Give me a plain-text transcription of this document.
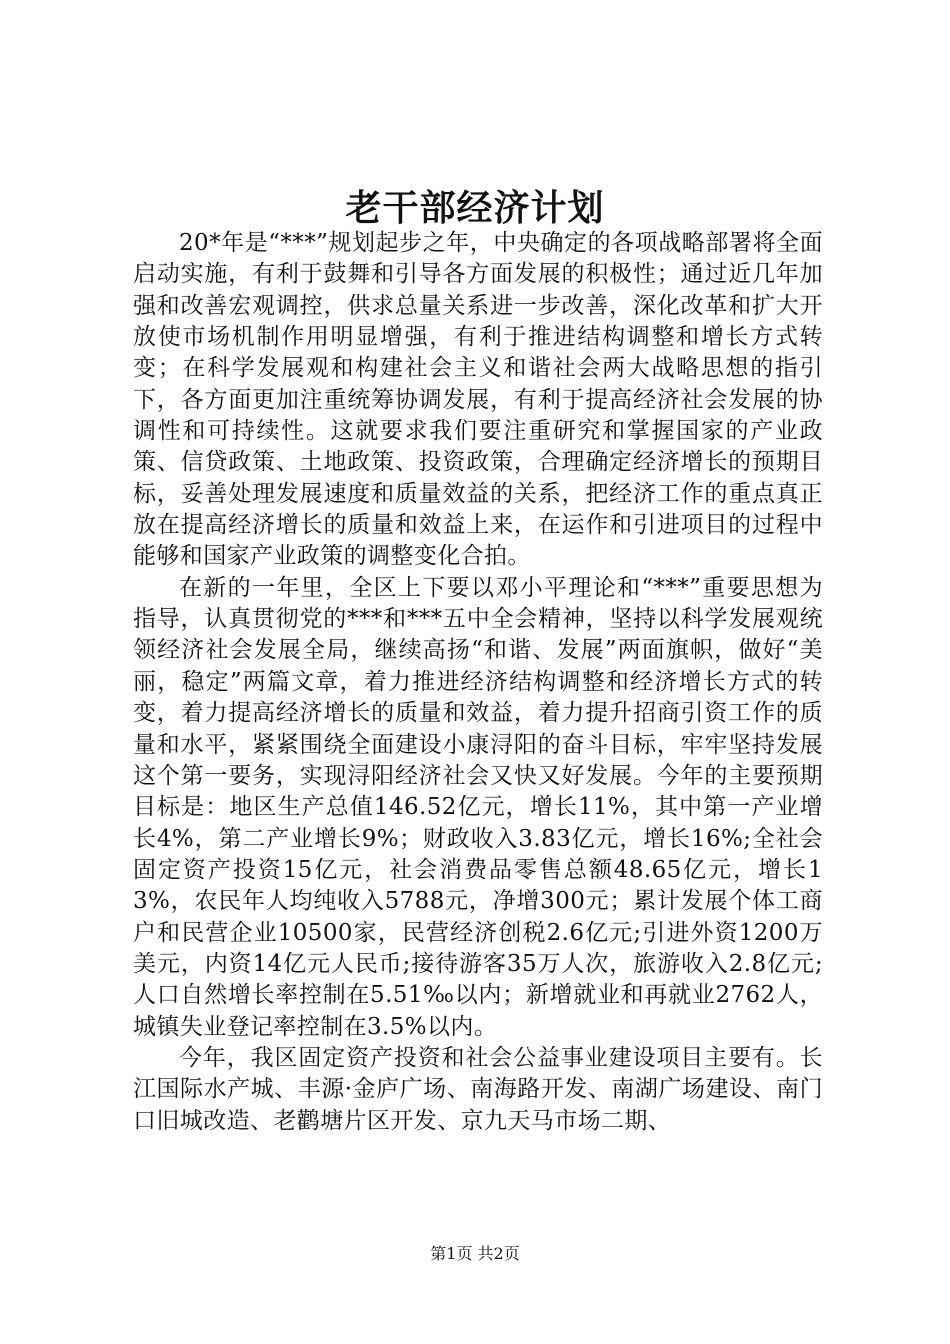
老干部经济计划

20*年是“***”规划起步之年，中央确定的各项战略部署将全面启动实施，有利于鼓舞和引导各方面发展的积极性；通过近几年加强和改善宏观调控，供求总量关系进一步改善，深化改革和扩大开放使市场机制作用明显增强，有利于推进结构调整和增长方式转变；在科学发展观和构建社会主义和谐社会两大战略思想的指引下，各方面更加注重统筹协调发展，有利于提高经济社会发展的协调性和可持续性。这就要求我们要注重研究和掌握国家的产业政策、信贷政策、土地政策、投资政策，合理确定经济增长的预期目标，妥善处理发展速度和质量效益的关系，把经济工作的重点真正放在提高经济增长的质量和效益上来，在运作和引进项目的过程中能够和国家产业政策的调整变化合拍。

在新的一年里，全区上下要以邓小平理论和“***”重要思想为指导，认真贯彻党的***和***五中全会精神，坚持以科学发展观统领经济社会发展全局，继续高扬“和谐、发展”两面旗帜，做好“美丽，稳定”两篇文章，着力推进经济结构调整和经济增长方式的转变，着力提高经济增长的质量和效益，着力提升招商引资工作的质量和水平，紧紧围绕全面建设小康浔阳的奋斗目标，牢牢坚持发展这个第一要务，实现浔阳经济社会又快又好发展。今年的主要预期目标是：地区生产总值146.52亿元，增长11%，其中第一产业增长4%，第二产业增长9%；财政收入3.83亿元，增长16%;全社会固定资产投资15亿元，社会消费品零售总额48.65亿元，增长13%，农民年人均纯收入5788元，净增300元；累计发展个体工商户和民营企业10500家，民营经济创税2.6亿元;引进外资1200万美元，内资14亿元人民币;接待游客35万人次，旅游收入2.8亿元;人口自然增长率控制在5.51‰以内；新增就业和再就业2762人，城镇失业登记率控制在3.5%以内。

今年，我区固定资产投资和社会公益事业建设项目主要有。长江国际水产城、丰源·金庐广场、南海路开发、南湖广场建设、南门口旧城改造、老鹳塘片区开发、京九天马市场二期、

第1页 共2页
